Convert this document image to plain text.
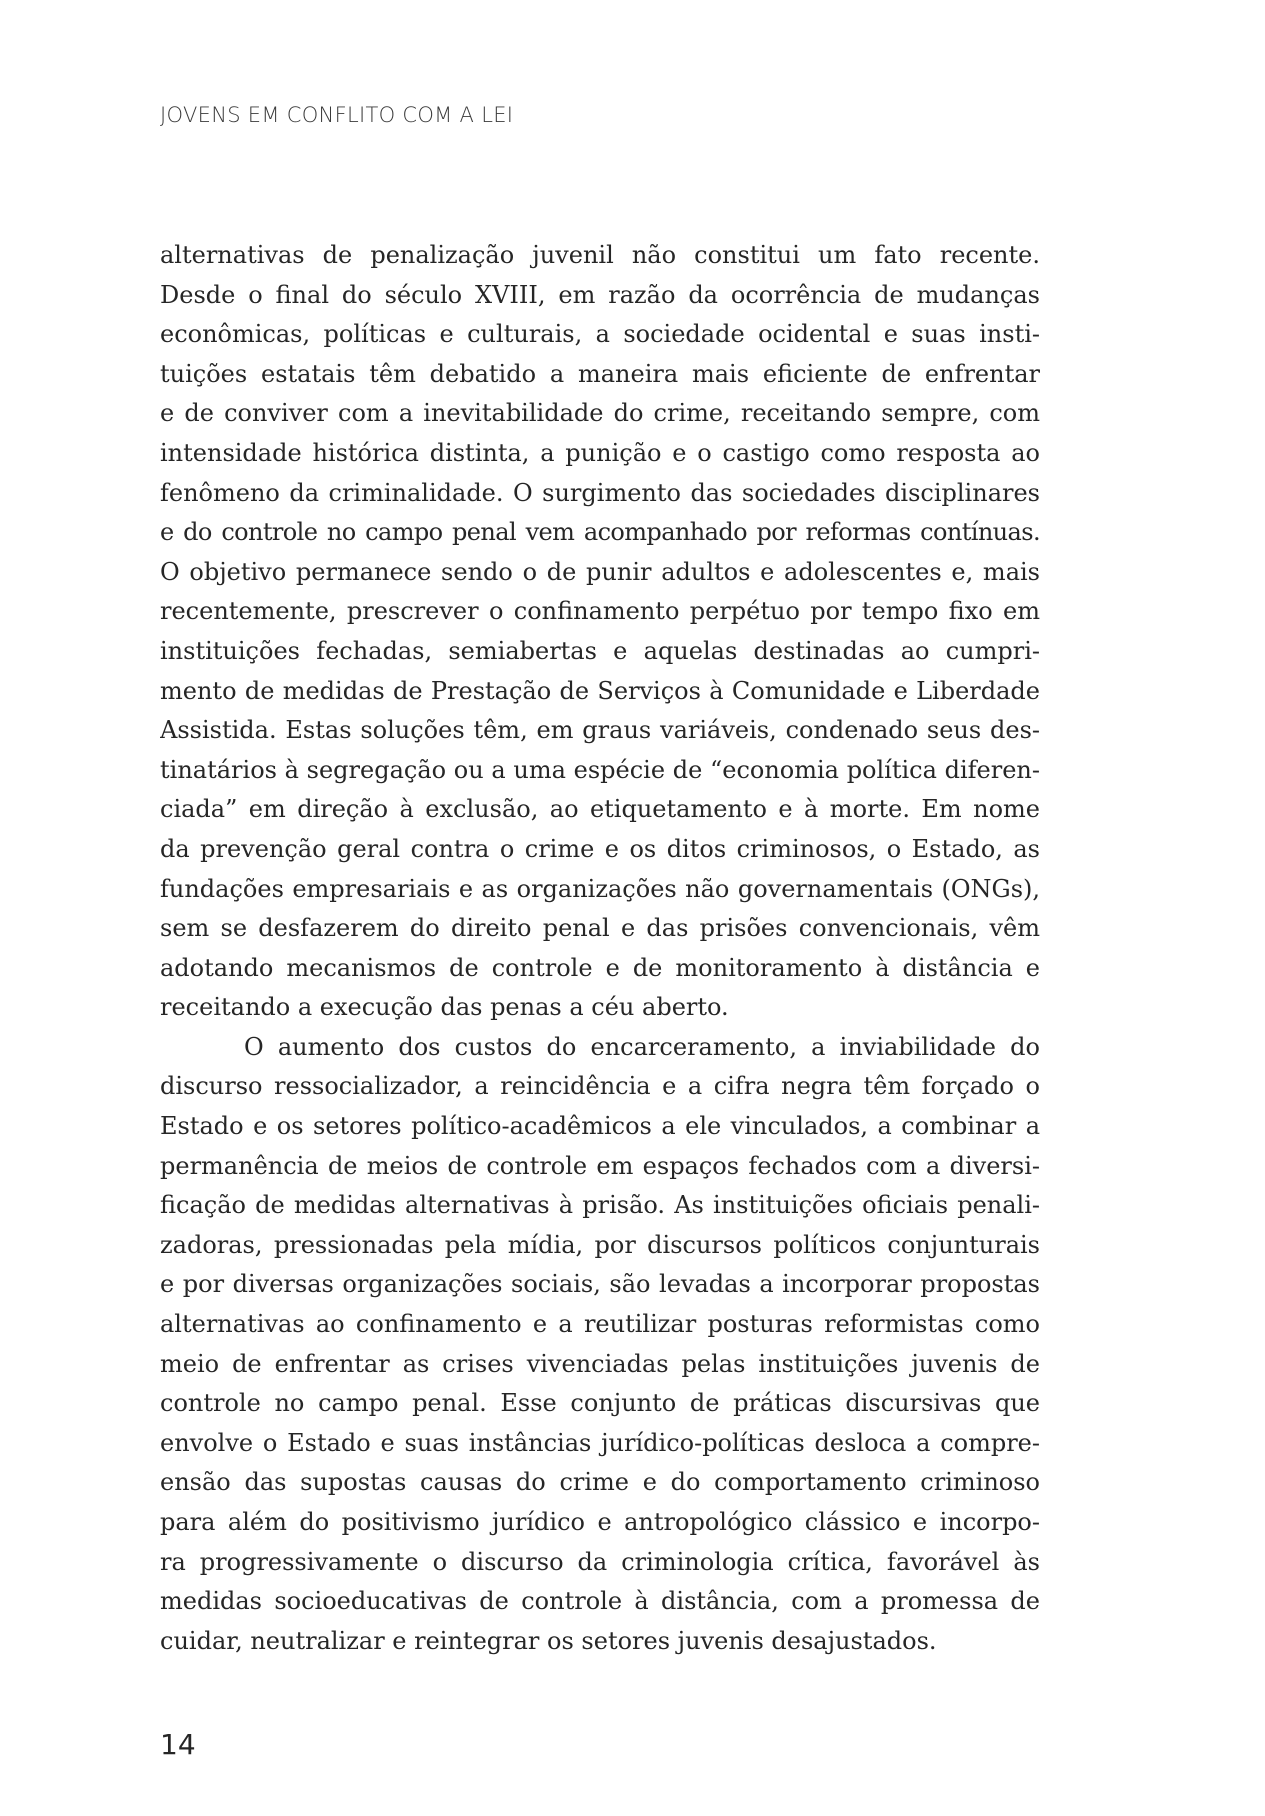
JOVENS EM CONFLITO COM A LEI
alternativas de penalização juvenil não constitui um fato recente.
Desde o final do século XVIII, em razão da ocorrência de mudanças
econômicas, políticas e culturais, a sociedade ocidental e suas insti-
tuições estatais têm debatido a maneira mais eficiente de enfrentar
e de conviver com a inevitabilidade do crime, receitando sempre, com
intensidade histórica distinta, a punição e o castigo como resposta ao
fenômeno da criminalidade. O surgimento das sociedades disciplinares
e do controle no campo penal vem acompanhado por reformas contínuas.
O objetivo permanece sendo o de punir adultos e adolescentes e, mais
recentemente, prescrever o confinamento perpétuo por tempo fixo em
instituições fechadas, semiabertas e aquelas destinadas ao cumpri-
mento de medidas de Prestação de Serviços à Comunidade e Liberdade
Assistida. Estas soluções têm, em graus variáveis, condenado seus des-
tinatários à segregação ou a uma espécie de “economia política diferen-
ciada” em direção à exclusão, ao etiquetamento e à morte. Em nome
da prevenção geral contra o crime e os ditos criminosos, o Estado, as
fundações empresariais e as organizações não governamentais (ONGs),
sem se desfazerem do direito penal e das prisões convencionais, vêm
adotando mecanismos de controle e de monitoramento à distância e
receitando a execução das penas a céu aberto.
O aumento dos custos do encarceramento, a inviabilidade do
discurso ressocializador, a reincidência e a cifra negra têm forçado o
Estado e os setores político-acadêmicos a ele vinculados, a combinar a
permanência de meios de controle em espaços fechados com a diversi-
ficação de medidas alternativas à prisão. As instituições oficiais penali-
zadoras, pressionadas pela mídia, por discursos políticos conjunturais
e por diversas organizações sociais, são levadas a incorporar propostas
alternativas ao confinamento e a reutilizar posturas reformistas como
meio de enfrentar as crises vivenciadas pelas instituições juvenis de
controle no campo penal. Esse conjunto de práticas discursivas que
envolve o Estado e suas instâncias jurídico-políticas desloca a compre-
ensão das supostas causas do crime e do comportamento criminoso
para além do positivismo jurídico e antropológico clássico e incorpo-
ra progressivamente o discurso da criminologia crítica, favorável às
medidas socioeducativas de controle à distância, com a promessa de
cuidar, neutralizar e reintegrar os setores juvenis desajustados.
14
